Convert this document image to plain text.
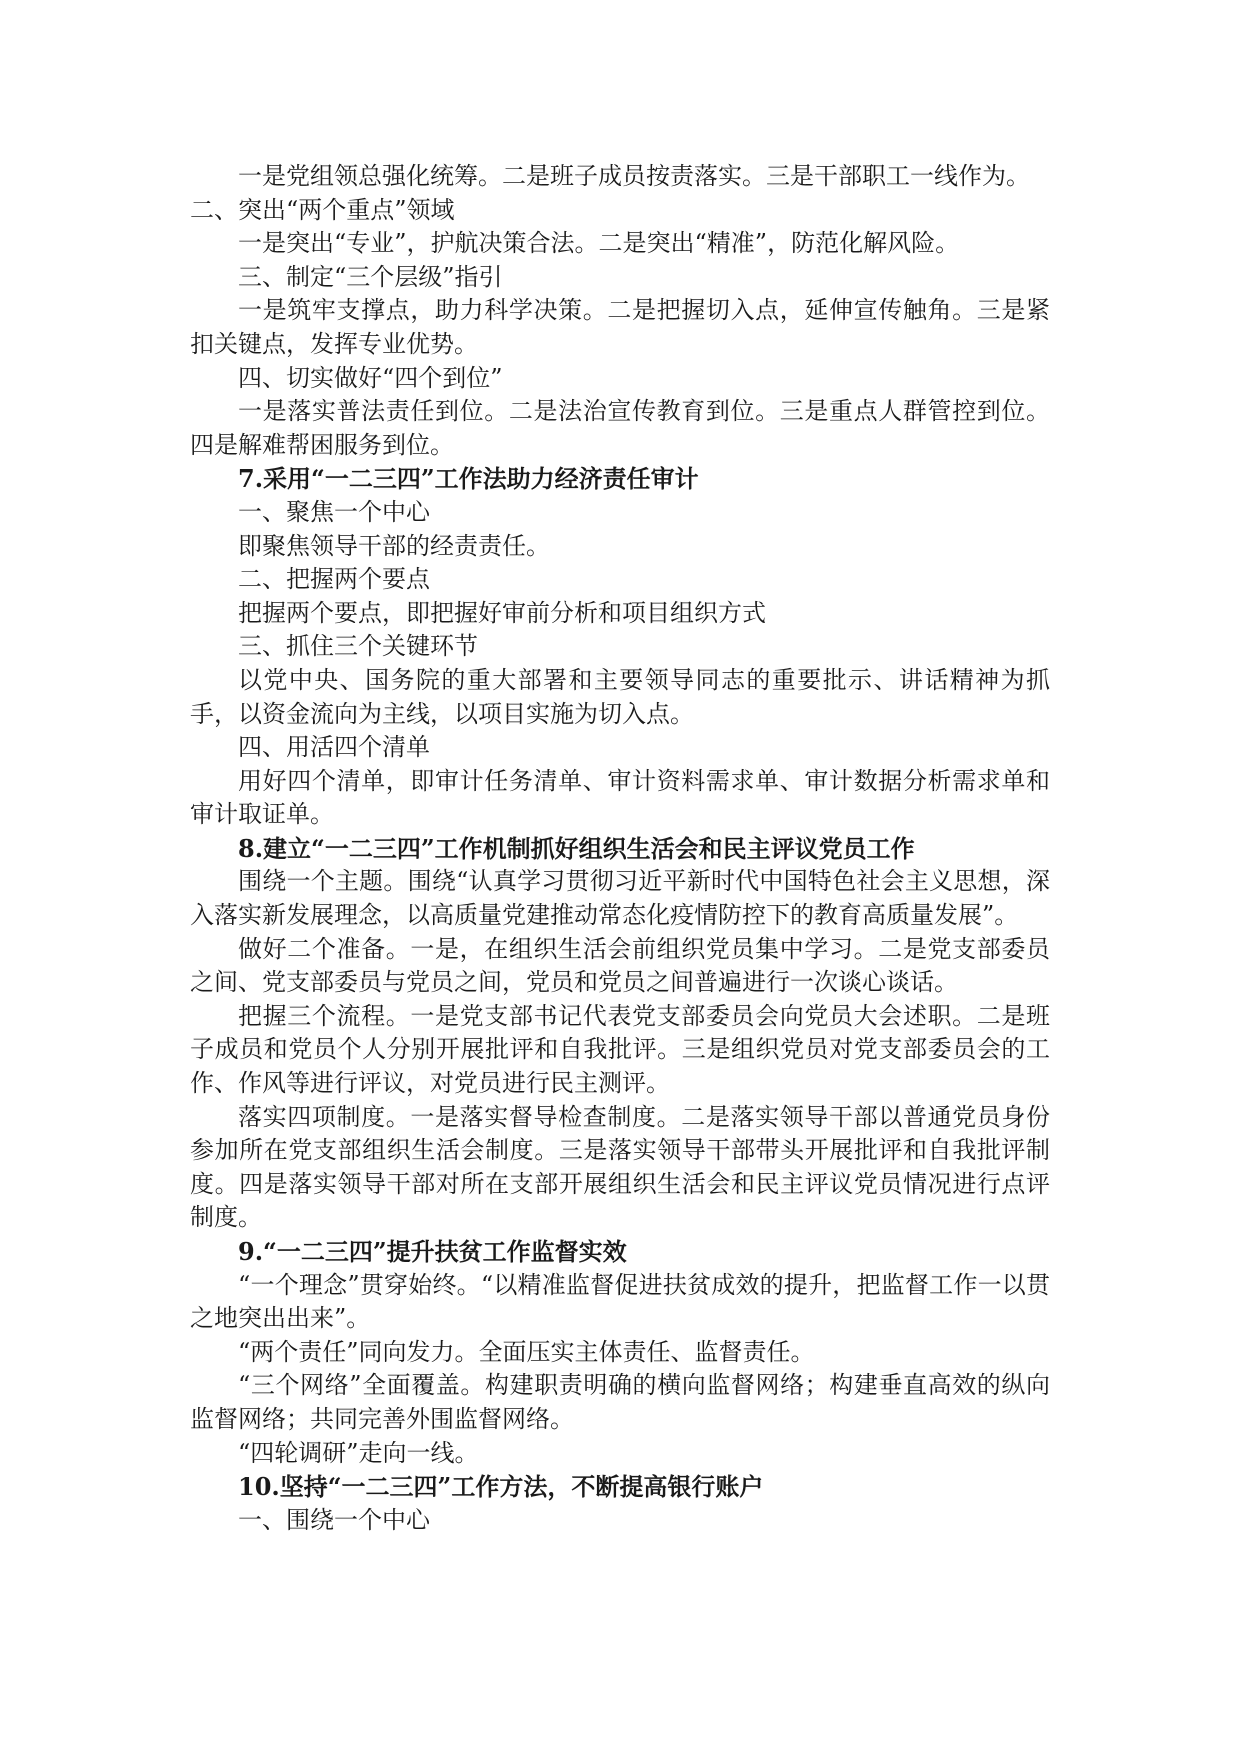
一是党组领总强化统筹。二是班子成员按责落实。三是干部职工一线作为。

二、突出“两个重点”领域

一是突出“专业”，护航决策合法。二是突出“精准”，防范化解风险。

三、制定“三个层级”指引

一是筑牢支撑点，助力科学决策。二是把握切入点，延伸宣传触角。三是紧扣关键点，发挥专业优势。

四、切实做好“四个到位”

一是落实普法责任到位。二是法治宣传教育到位。三是重点人群管控到位。四是解难帮困服务到位。

7.采用“一二三四”工作法助力经济责任审计

一、聚焦一个中心

即聚焦领导干部的经责责任。

二、把握两个要点

把握两个要点，即把握好审前分析和项目组织方式

三、抓住三个关键环节

以党中央、国务院的重大部署和主要领导同志的重要批示、讲话精神为抓手，以资金流向为主线，以项目实施为切入点。

四、用活四个清单

用好四个清单，即审计任务清单、审计资料需求单、审计数据分析需求单和审计取证单。

8.建立“一二三四”工作机制抓好组织生活会和民主评议党员工作

围绕一个主题。围绕“认真学习贯彻习近平新时代中国特色社会主义思想，深入落实新发展理念，以高质量党建推动常态化疫情防控下的教育高质量发展”。

做好二个准备。一是，在组织生活会前组织党员集中学习。二是党支部委员之间、党支部委员与党员之间，党员和党员之间普遍进行一次谈心谈话。

把握三个流程。一是党支部书记代表党支部委员会向党员大会述职。二是班子成员和党员个人分别开展批评和自我批评。三是组织党员对党支部委员会的工作、作风等进行评议，对党员进行民主测评。

落实四项制度。一是落实督导检查制度。二是落实领导干部以普通党员身份参加所在党支部组织生活会制度。三是落实领导干部带头开展批评和自我批评制度。四是落实领导干部对所在支部开展组织生活会和民主评议党员情况进行点评制度。

9.“一二三四”提升扶贫工作监督实效

“一个理念”贯穿始终。“以精准监督促进扶贫成效的提升，把监督工作一以贯之地突出出来”。

“两个责任”同向发力。全面压实主体责任、监督责任。

“三个网络”全面覆盖。构建职责明确的横向监督网络；构建垂直高效的纵向监督网络；共同完善外围监督网络。

“四轮调研”走向一线。

10.坚持“一二三四”工作方法，不断提高银行账户

一、围绕一个中心
